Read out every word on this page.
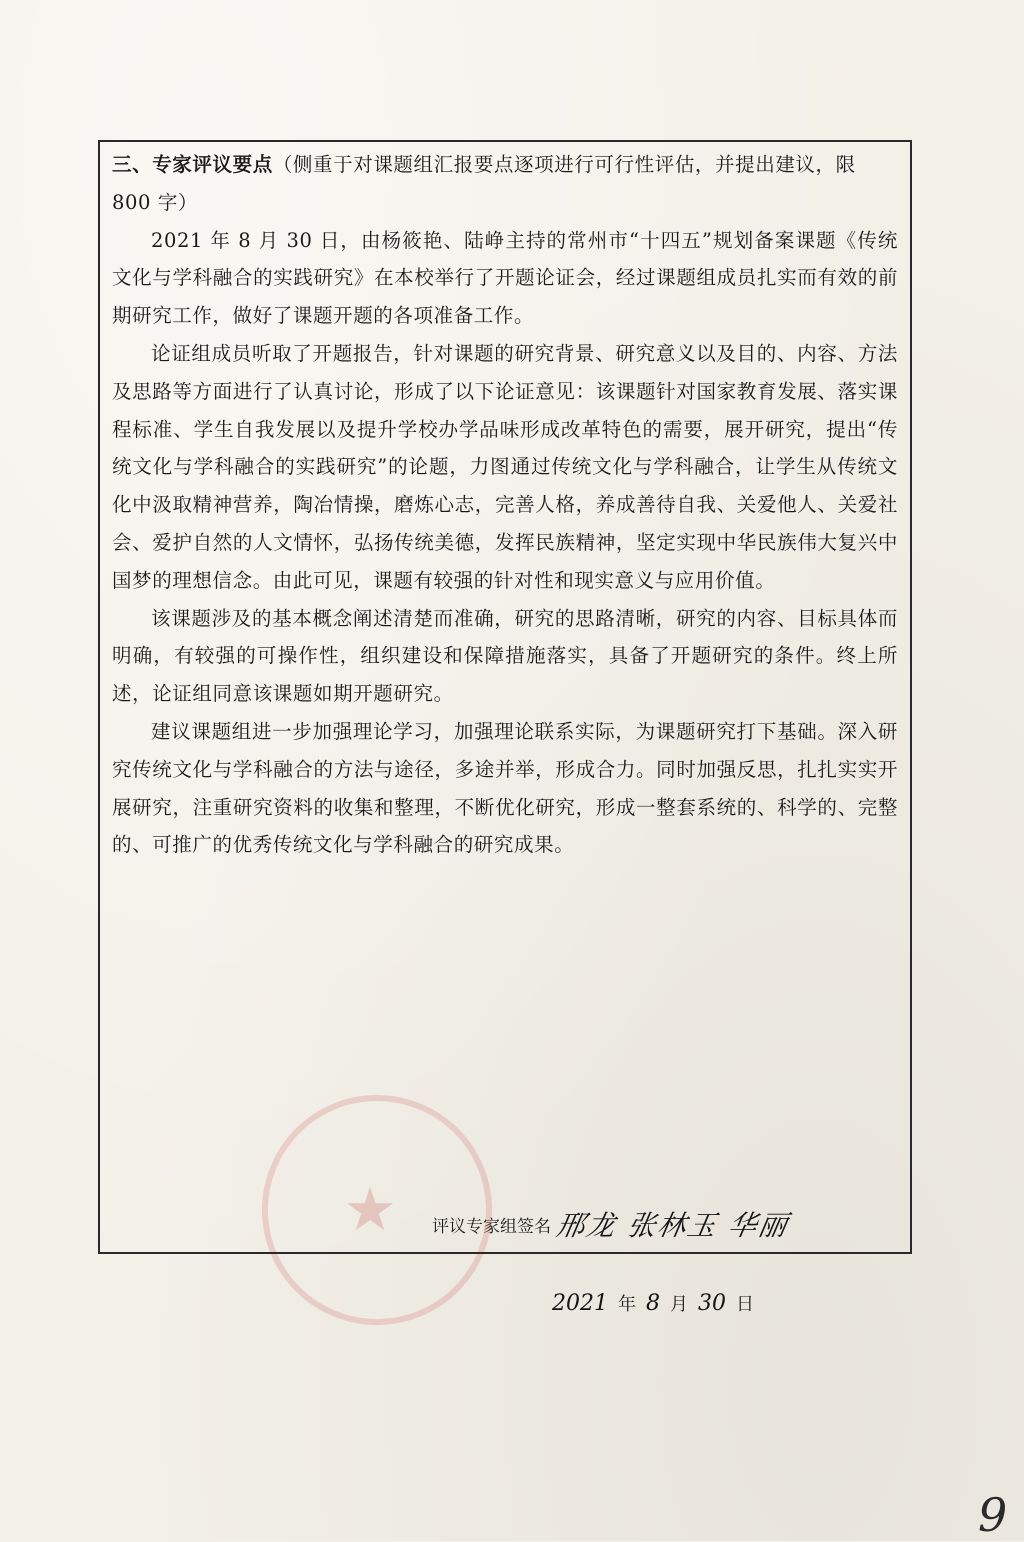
★

三、专家评议要点（侧重于对课题组汇报要点逐项进行可行性评估，并提出建议，限 800 字）

2021 年 8 月 30 日，由杨筱艳、陆峥主持的常州市“十四五”规划备案课题《传统文化与学科融合的实践研究》在本校举行了开题论证会，经过课题组成员扎实而有效的前期研究工作，做好了课题开题的各项准备工作。

论证组成员听取了开题报告，针对课题的研究背景、研究意义以及目的、内容、方法及思路等方面进行了认真讨论，形成了以下论证意见：该课题针对国家教育发展、落实课程标准、学生自我发展以及提升学校办学品味形成改革特色的需要，展开研究，提出“传统文化与学科融合的实践研究”的论题，力图通过传统文化与学科融合，让学生从传统文化中汲取精神营养，陶冶情操，磨炼心志，完善人格，养成善待自我、关爱他人、关爱社会、爱护自然的人文情怀，弘扬传统美德，发挥民族精神，坚定实现中华民族伟大复兴中国梦的理想信念。由此可见，课题有较强的针对性和现实意义与应用价值。

该课题涉及的基本概念阐述清楚而准确，研究的思路清晰，研究的内容、目标具体而明确，有较强的可操作性，组织建设和保障措施落实，具备了开题研究的条件。终上所述，论证组同意该课题如期开题研究。

建议课题组进一步加强理论学习，加强理论联系实际，为课题研究打下基础。深入研究传统文化与学科融合的方法与途径，多途并举，形成合力。同时加强反思，扎扎实实开展研究，注重研究资料的收集和整理，不断优化研究，形成一整套系统的、科学的、完整的、可推广的优秀传统文化与学科融合的研究成果。

评议专家组签名 邢龙 张林玉 华丽
2021 年 8 月 30 日
9
